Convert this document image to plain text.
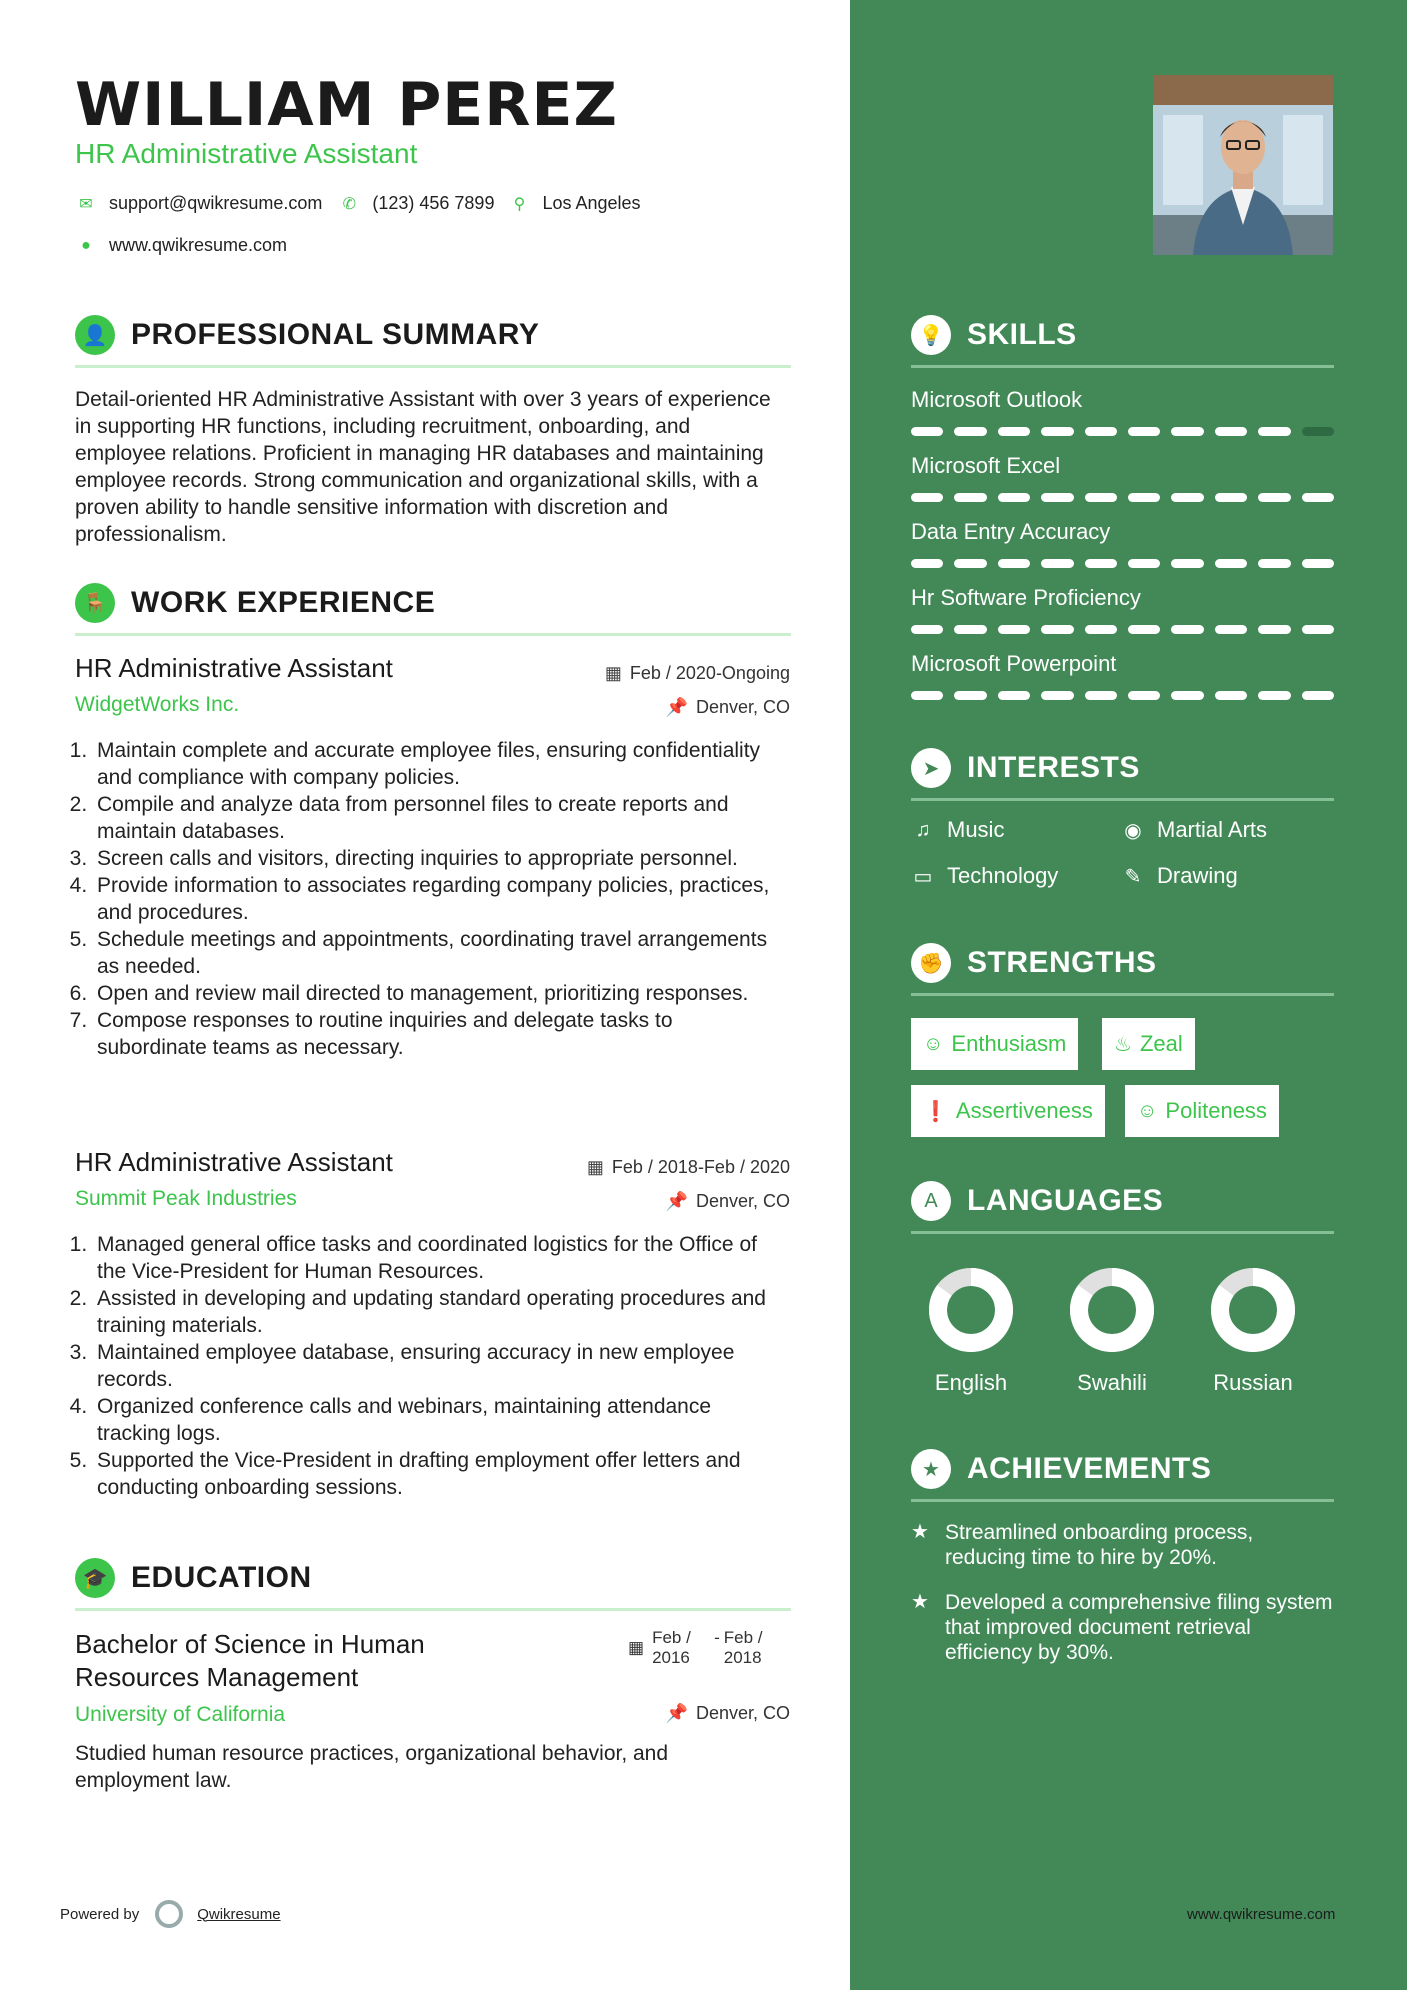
WILLIAM PEREZ
HR Administrative Assistant
✉ support@qwikresume.com ✆ (123) 456 7899	⚲ Los Angeles
●	www.qwikresume.com
👤 PROFESSIONAL SUMMARY
Detail-oriented HR Administrative Assistant with over 3 years of experience in supporting HR functions, including recruitment, onboarding, and employee relations. Proficient in managing HR databases and maintaining employee records. Strong communication and organizational skills, with a proven ability to handle sensitive information with discretion and professionalism.
🪑 WORK EXPERIENCE
HR Administrative Assistant	▦ Feb / 2020-Ongoing
WidgetWorks Inc.	📌 Denver, CO
1. Maintain complete and accurate employee files, ensuring confidentiality and compliance with company policies.
2. Compile and analyze data from personnel files to create reports and maintain databases.
3. Screen calls and visitors, directing inquiries to appropriate personnel.
4. Provide information to associates regarding company policies, practices, and procedures.
5. Schedule meetings and appointments, coordinating travel arrangements as needed.
6. Open and review mail directed to management, prioritizing responses.
7. Compose responses to routine inquiries and delegate tasks to subordinate teams as necessary.
HR Administrative Assistant	▦ Feb / 2018-Feb / 2020
Summit Peak Industries	📌 Denver, CO
1. Managed general office tasks and coordinated logistics for the Office of the Vice-President for Human Resources.
2. Assisted in developing and updating standard operating procedures and training materials.
3. Maintained employee database, ensuring accuracy in new employee records.
4. Organized conference calls and webinars, maintaining attendance tracking logs.
5. Supported the Vice-President in drafting employment offer letters and conducting onboarding sessions.
🎓 EDUCATION
Bachelor of Science in Human
Resources Management
▦
Feb / 2016
- Feb / 2018
University of California	📌 Denver, CO
Studied human resource practices, organizational behavior, and employment law.
Powered by	Qwikresume
💡 SKILLS
Microsoft Outlook
Microsoft Excel
Data Entry Accuracy
Hr Software Proficiency
Microsoft Powerpoint
➤ INTERESTS
♫ Music	◉ Martial Arts
▭ Technology	✎ Drawing
✊ STRENGTHS
☺ Enthusiasm ♨ Zeal
❗ Assertiveness ☺ Politeness
A LANGUAGES
English	Swahili	Russian
★ ACHIEVEMENTS
★ Streamlined onboarding process, reducing time to hire by 20%.
★ Developed a comprehensive filing system that improved document retrieval efficiency by 30%.
www.qwikresume.com
